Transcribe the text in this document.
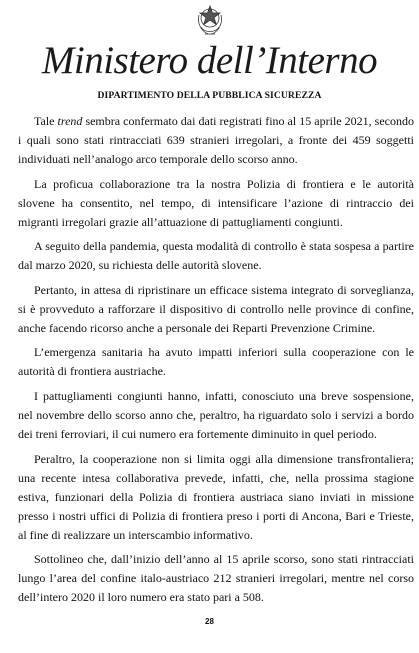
Ministero dell’Interno
DIPARTIMENTO DELLA PUBBLICA SICUREZZA

Tale trend sembra confermato dai dati registrati fino al 15 aprile 2021, secondo i quali sono stati rintracciati 639 stranieri irregolari, a fronte dei 459 soggetti individuati nell’analogo arco temporale dello scorso anno.

La proficua collaborazione tra la nostra Polizia di frontiera e le autorità slovene ha consentito, nel tempo, di intensificare l’azione di rintraccio dei migranti irregolari grazie all’attuazione di pattugliamenti congiunti.

A seguito della pandemia, questa modalità di controllo è stata sospesa a partire dal marzo 2020, su richiesta delle autorità slovene.

Pertanto, in attesa di ripristinare un efficace sistema integrato di sorveglianza, si è provveduto a rafforzare il dispositivo di controllo nelle province di confine, anche facendo ricorso anche a personale dei Reparti Prevenzione Crimine.

L’emergenza sanitaria ha avuto impatti inferiori sulla cooperazione con le autorità di frontiera austriache.

I pattugliamenti congiunti hanno, infatti, conosciuto una breve sospensione, nel novembre dello scorso anno che, peraltro, ha riguardato solo i servizi a bordo dei treni ferroviari, il cui numero era fortemente diminuito in quel periodo.

Peraltro, la cooperazione non si limita oggi alla dimensione transfrontaliera; una recente intesa collaborativa prevede, infatti, che, nella prossima stagione estiva, funzionari della Polizia di frontiera austriaca siano inviati in missione presso i nostri uffici di Polizia di frontiera preso i porti di Ancona, Bari e Trieste, al fine di realizzare un interscambio informativo.

Sottolineo che, dall’inizio dell’anno al 15 aprile scorso, sono stati rintracciati lungo l’area del confine italo-austriaco 212 stranieri irregolari, mentre nel corso dell’intero 2020 il loro numero era stato pari a 508.

28
